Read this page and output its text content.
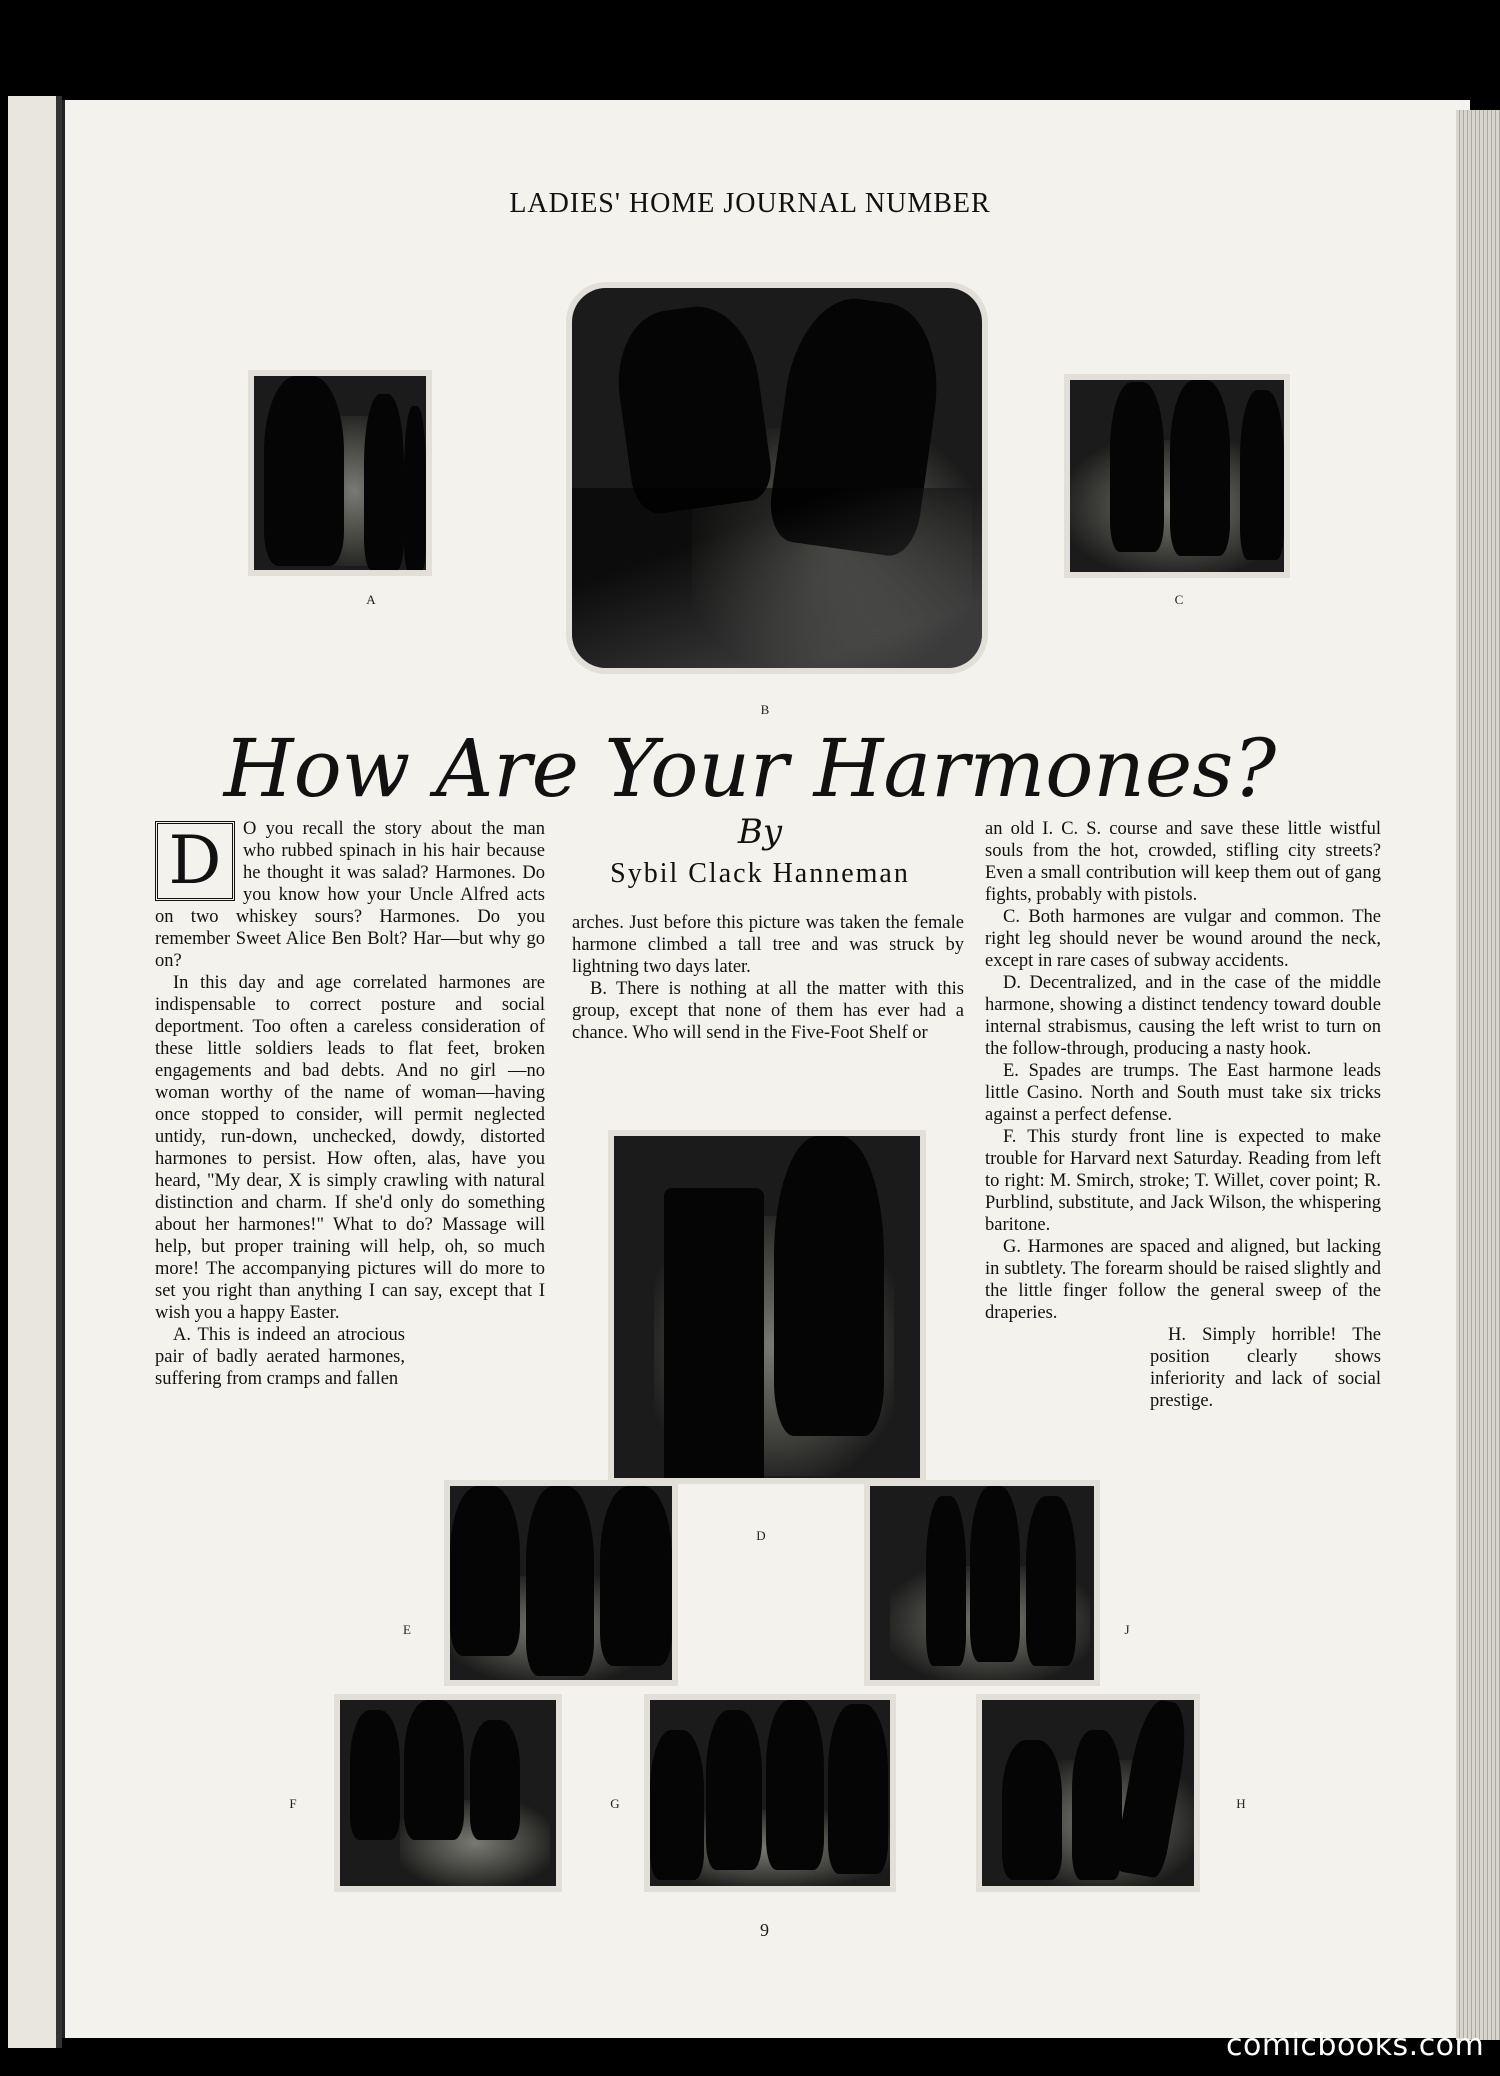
LADIES' HOME JOURNAL NUMBER
A
B
C
How Are Your Harmones?

D	O you recall the story about the man who rubbed spinach in his hair because he thought it was salad? Harmones. Do you know how your Uncle Alfred acts on two whiskey sours? Harmones. Do you remember Sweet Alice Ben Bolt? Har—but why go on?

In this day and age correlated harmones are indispensable to correct posture and social deportment. Too often a careless consideration of these little soldiers leads to flat feet, broken engagements and bad debts. And no girl —no woman worthy of the name of woman—having once stopped to consider, will permit neglected untidy, run-down, unchecked, dowdy, distorted harmones to persist. How often, alas, have you heard, "My dear, X is simply crawling with natural distinction and charm. If she'd only do something about her harmones!" What to do? Massage will help, but proper training will help, oh, so much more! The accompanying pictures will do more to set you right than anything I can say, except that I wish you a happy Easter.

A. This is indeed an atrocious pair of badly aerated harmones, suffering from cramps and fallen

By
Sybil Clack Hanneman

arches. Just before this picture was taken the female harmone climbed a tall tree and was struck by lightning two days later.

B. There is nothing at all the matter with this group, except that none of them has ever had a chance. Who will send in the Five-Foot Shelf or

an old I. C. S. course and save these little wistful souls from the hot, crowded, stifling city streets? Even a small contribution will keep them out of gang fights, probably with pistols.

C. Both harmones are vulgar and common. The right leg should never be wound around the neck, except in rare cases of subway accidents.

D. Decentralized, and in the case of the middle harmone, showing a distinct tendency toward double internal strabismus, causing the left wrist to turn on the follow-through, producing a nasty hook.

E. Spades are trumps. The East harmone leads little Casino. North and South must take six tricks against a perfect defense.

F. This sturdy front line is expected to make trouble for Harvard next Saturday. Reading from left to right: M. Smirch, stroke; T. Willet, cover point; R. Purblind, substitute, and Jack Wilson, the whispering baritone.

G. Harmones are spaced and aligned, but lacking in subtlety. The forearm should be raised slightly and the little finger follow the general sweep of the draperies.

H. Simply horrible! The position clearly shows inferiority and lack of social prestige.

D
E	J
F	G	H
9
comicbooks.com
